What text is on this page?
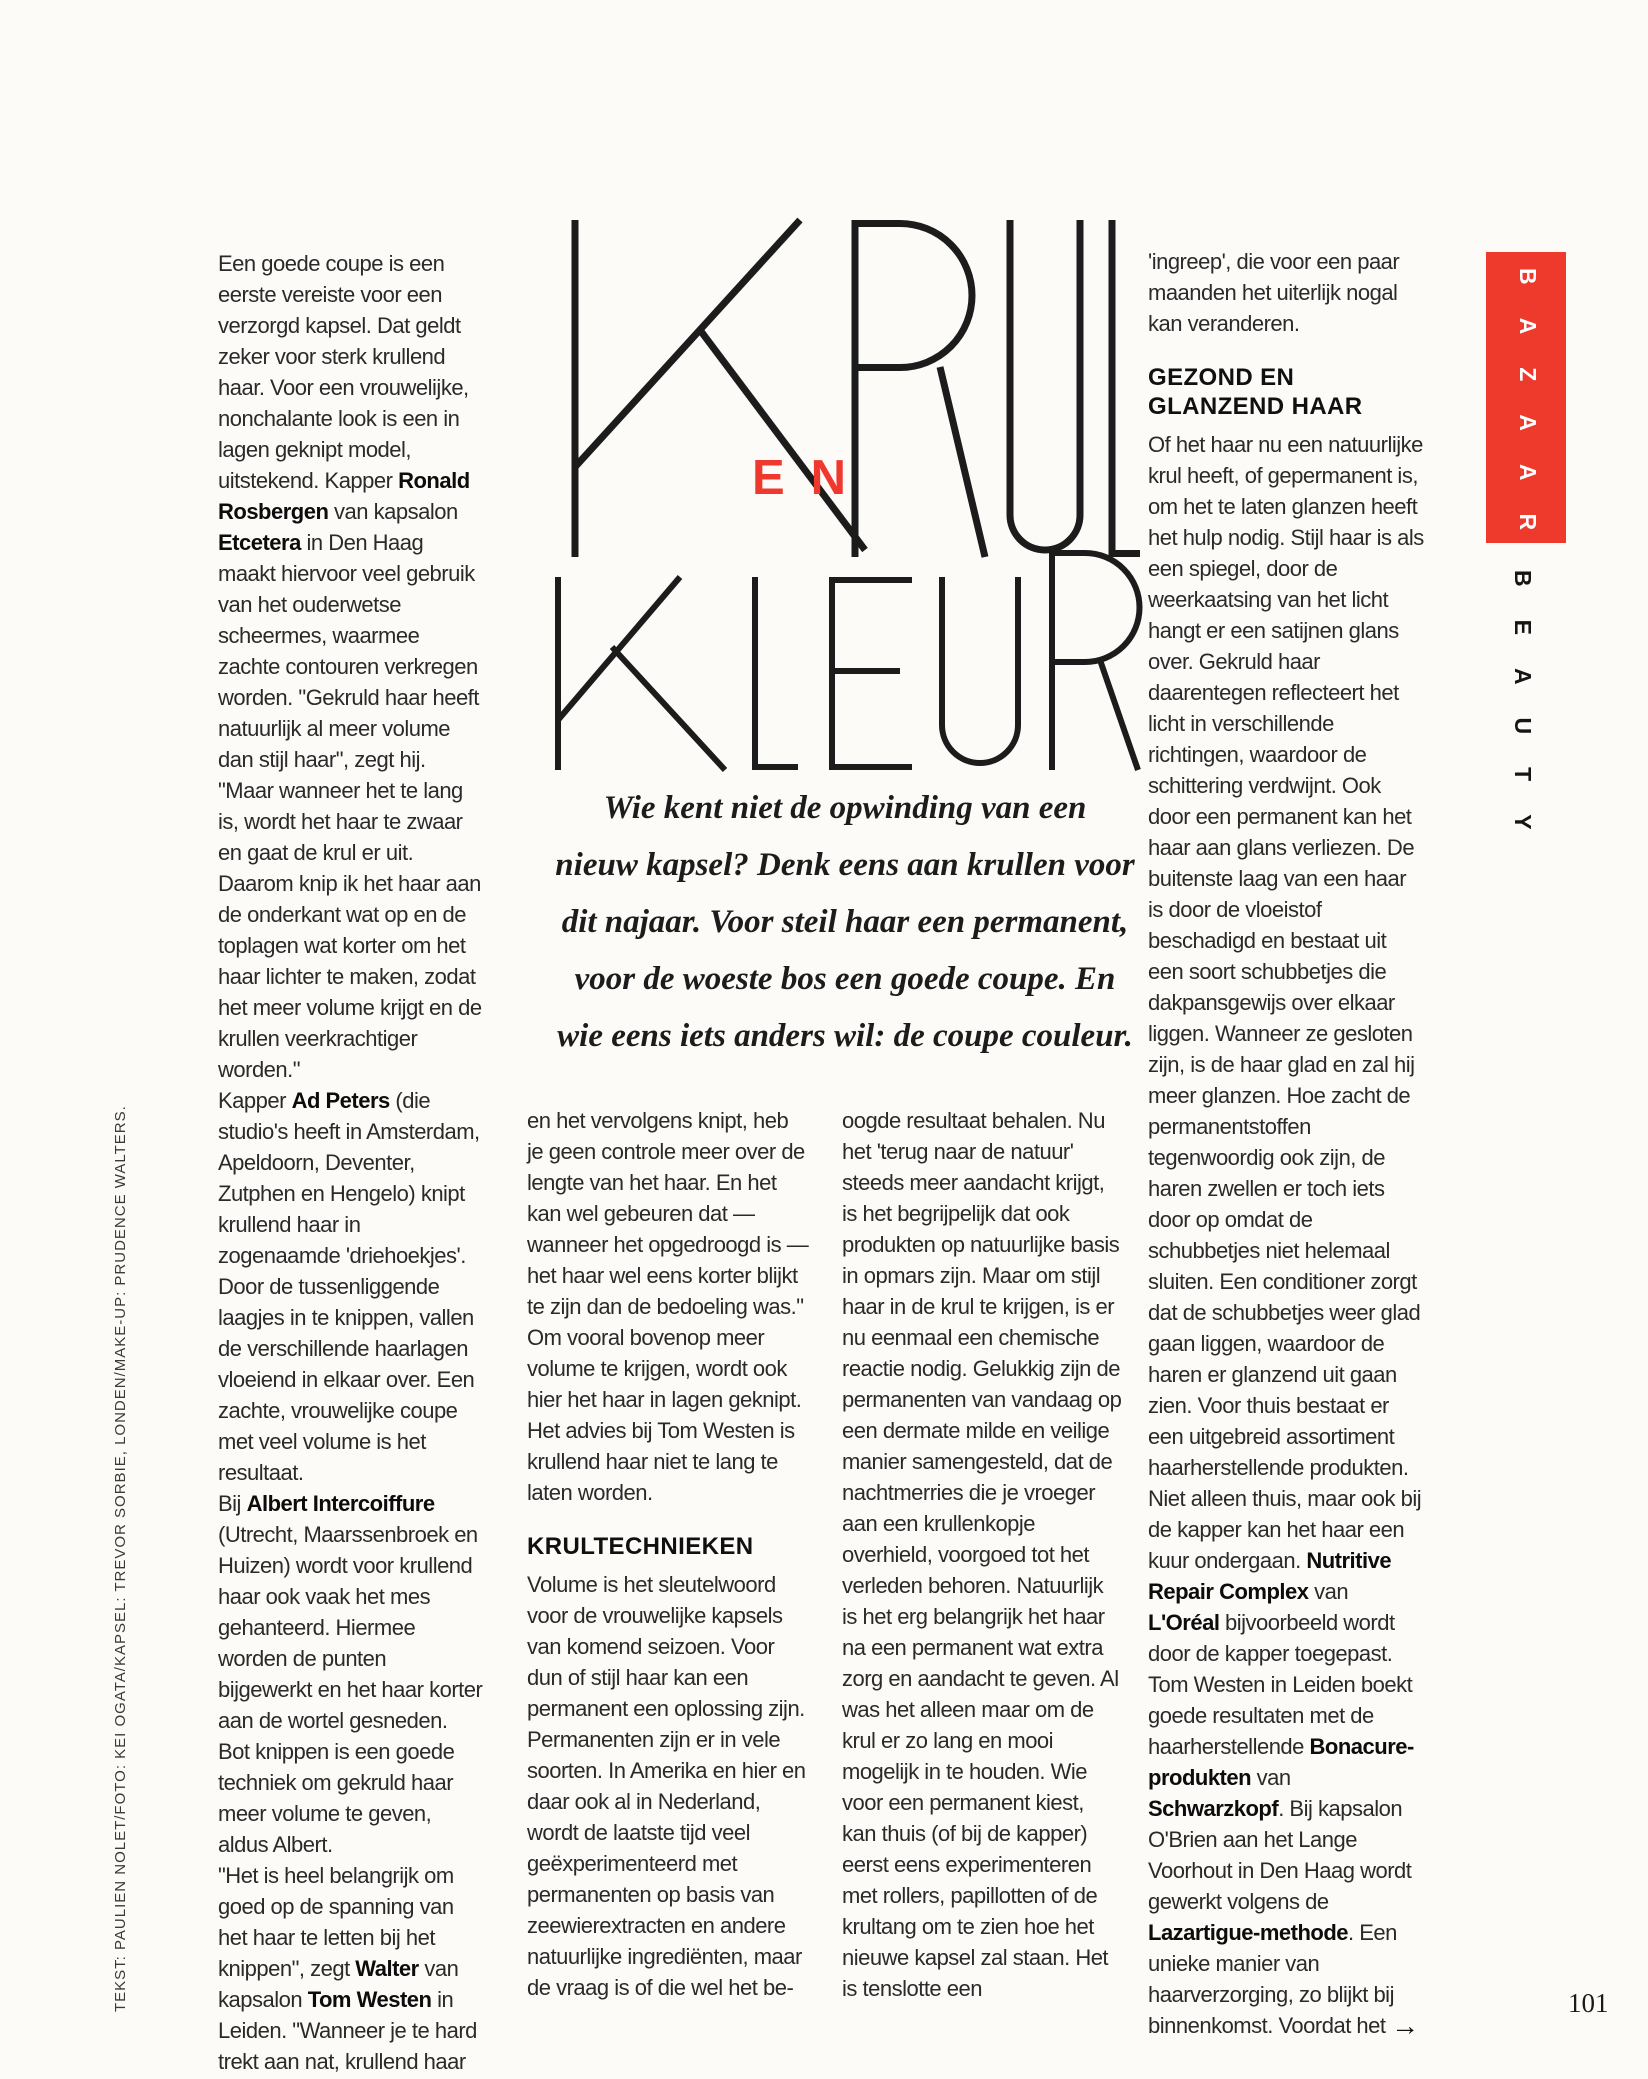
TEKST: PAULIEN NOLET/FOTO: KEI OGATA/KAPSEL: TREVOR SORBIE, LONDEN/MAKE-UP: PRUDENCE WALTERS.

Een goede coupe is een eerste vereiste voor een verzorgd kapsel. Dat geldt zeker voor sterk krullend haar. Voor een vrouwelijke, nonchalante look is een in lagen geknipt model, uitstekend. Kapper Ronald Rosbergen van kapsalon Etcetera in Den Haag maakt hiervoor veel gebruik van het ouderwetse scheermes, waarmee zachte contouren verkregen worden. "Gekruld haar heeft natuurlijk al meer volume dan stijl haar", zegt hij. "Maar wanneer het te lang is, wordt het haar te zwaar en gaat de krul er uit. Daarom knip ik het haar aan de onderkant wat op en de toplagen wat korter om het haar lichter te maken, zodat het meer volume krijgt en de krullen veerkrachtiger worden."

Kapper Ad Peters (die studio's heeft in Amsterdam, Apeldoorn, Deventer, Zutphen en Hengelo) knipt krullend haar in zogenaamde 'driehoekjes'. Door de tussenliggende laagjes in te knippen, vallen de verschillende haarlagen vloeiend in elkaar over. Een zachte, vrouwelijke coupe met veel volume is het resultaat.

Bij Albert Intercoiffure (Utrecht, Maarssenbroek en Huizen) wordt voor krullend haar ook vaak het mes gehanteerd. Hiermee worden de punten bijgewerkt en het haar korter aan de wortel gesneden. Bot knippen is een goede techniek om gekruld haar meer volume te geven, aldus Albert.

"Het is heel belangrijk om goed op de spanning van het haar te letten bij het knippen", zegt Walter van kapsalon Tom Westen in Leiden. "Wanneer je te hard trekt aan nat, krullend haar

EN
Wie kent niet de opwinding van een
nieuw kapsel? Denk eens aan krullen voor
dit najaar. Voor steil haar een permanent,
voor de woeste bos een goede coupe. En
wie eens iets anders wil: de coupe couleur.

en het vervolgens knipt, heb je geen controle meer over de lengte van het haar. En het kan wel gebeuren dat — wanneer het opgedroogd is — het haar wel eens korter blijkt te zijn dan de bedoeling was." Om vooral bovenop meer volume te krijgen, wordt ook hier het haar in lagen geknipt. Het advies bij Tom Westen is krullend haar niet te lang te laten worden.

KRULTECHNIEKEN

Volume is het sleutelwoord voor de vrouwelijke kapsels van komend seizoen. Voor dun of stijl haar kan een permanent een oplossing zijn. Permanenten zijn er in vele soorten. In Amerika en hier en daar ook al in Nederland, wordt de laatste tijd veel geëxperimenteerd met permanenten op basis van zeewierextracten en andere natuurlijke ingrediënten, maar de vraag is of die wel het be-

oogde resultaat behalen. Nu het 'terug naar de natuur' steeds meer aandacht krijgt, is het begrijpelijk dat ook produkten op natuurlijke basis in opmars zijn. Maar om stijl haar in de krul te krijgen, is er nu eenmaal een chemische reactie nodig. Gelukkig zijn de permanenten van vandaag op een dermate milde en veilige manier samengesteld, dat de nachtmerries die je vroeger aan een krullenkopje overhield, voorgoed tot het verleden behoren. Natuurlijk is het erg belangrijk het haar na een permanent wat extra zorg en aandacht te geven. Al was het alleen maar om de krul er zo lang en mooi mogelijk in te houden. Wie voor een permanent kiest, kan thuis (of bij de kapper) eerst eens experimenteren met rollers, papillotten of de krultang om te zien hoe het nieuwe kapsel zal staan. Het is tenslotte een

'ingreep', die voor een paar maanden het uiterlijk nogal kan veranderen.

GEZOND EN GLANZEND HAAR

Of het haar nu een natuurlijke krul heeft, of gepermanent is, om het te laten glanzen heeft het hulp nodig. Stijl haar is als een spiegel, door de weerkaatsing van het licht hangt er een satijnen glans over. Gekruld haar daarentegen reflecteert het licht in verschillende richtingen, waardoor de schittering verdwijnt. Ook door een permanent kan het haar aan glans verliezen. De buitenste laag van een haar is door de vloeistof beschadigd en bestaat uit een soort schubbetjes die dakpansgewijs over elkaar liggen. Wanneer ze gesloten zijn, is de haar glad en zal hij meer glanzen. Hoe zacht de permanentstoffen tegenwoordig ook zijn, de haren zwellen er toch iets door op omdat de schubbetjes niet helemaal sluiten. Een conditioner zorgt dat de schubbetjes weer glad gaan liggen, waardoor de haren er glanzend uit gaan zien. Voor thuis bestaat er een uitgebreid assortiment haarherstellende produkten. Niet alleen thuis, maar ook bij de kapper kan het haar een kuur ondergaan. Nutritive Repair Complex van L'Oréal bijvoorbeeld wordt door de kapper toegepast. Tom Westen in Leiden boekt goede resultaten met de haarherstellende Bonacure-produkten van Schwarzkopf. Bij kapsalon O'Brien aan het Lange Voorhout in Den Haag wordt gewerkt volgens de Lazartigue-methode. Een unieke manier van haarverzorging, zo blijkt bij binnenkomst. Voordat het →

BAZAAR
BEAUTY
101
